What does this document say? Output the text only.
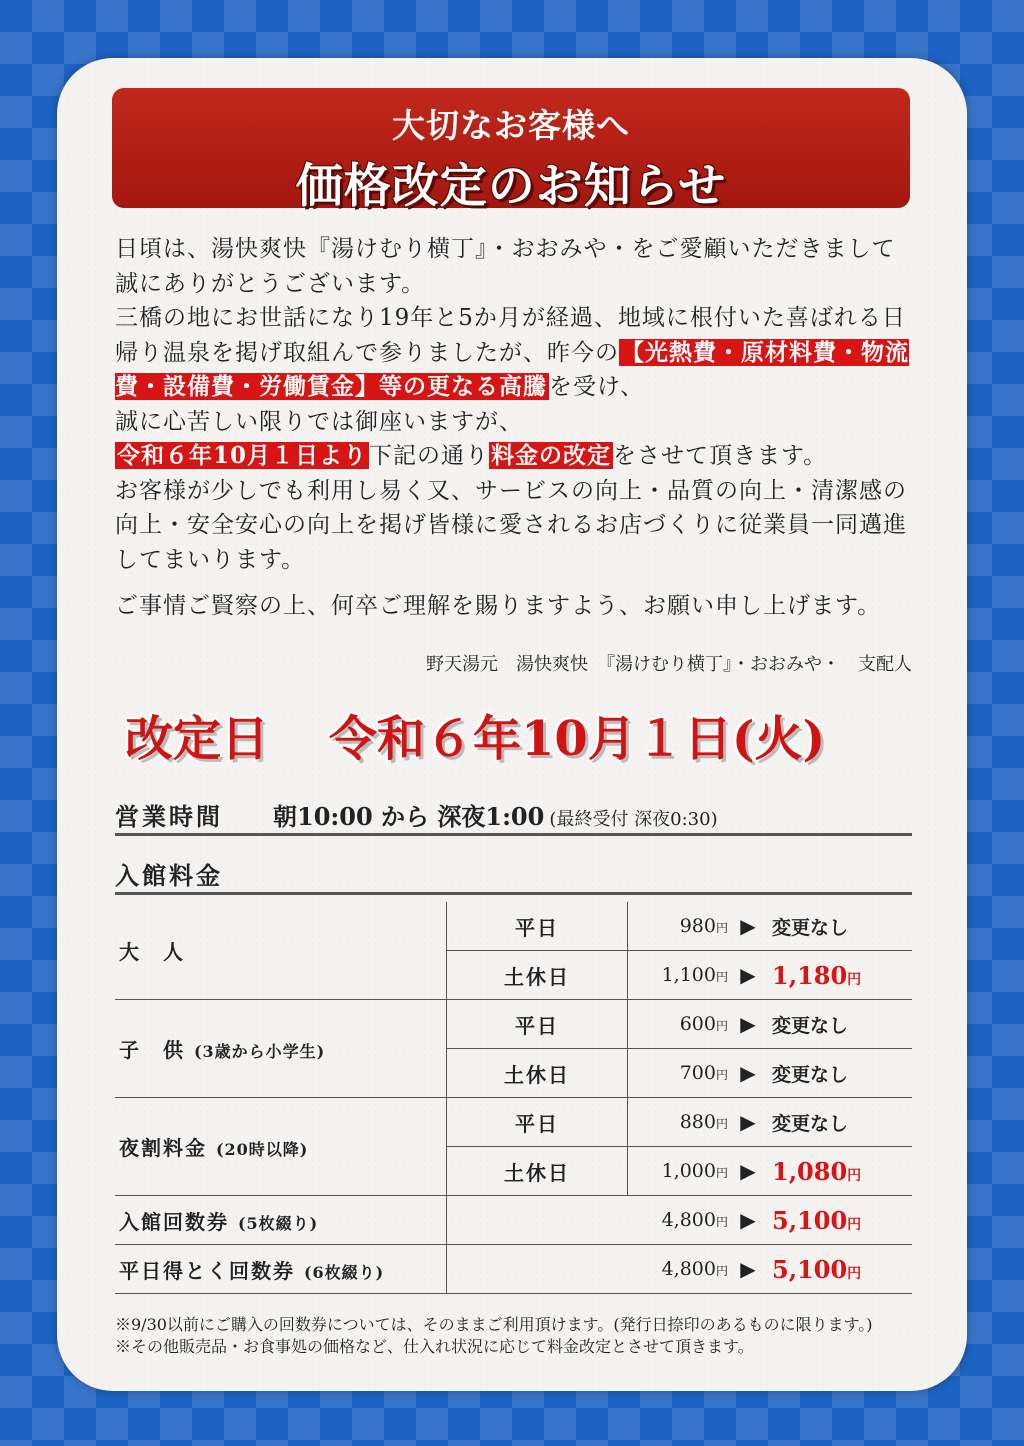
大切なお客様へ
価格改定のお知らせ
日頃は、湯快爽快『湯けむり横丁』・おおみや・をご愛顧いただきまして誠にありがとうございます。
三橋の地にお世話になり19年と5か月が経過、地域に根付いた喜ばれる日帰り温泉を掲げ取組んで参りましたが、昨今の【光熱費・原材料費・物流費・設備費・労働賃金】等の更なる高騰を受け、
誠に心苦しい限りでは御座いますが、
令和６年10月１日より下記の通り料金の改定をさせて頂きます。
お客様が少しでも利用し易く又、サービスの向上・品質の向上・清潔感の向上・安全安心の向上を掲げ皆様に愛されるお店づくりに従業員一同邁進してまいります。
ご事情ご賢察の上、何卒ご理解を賜りますよう、お願い申し上げます。
野天湯元　湯快爽快　『湯けむり横丁』・おおみや・　支配人
改定日 令和６年10月１日(火)
営業時間 朝10:00 から 深夜1:00 (最終受付 深夜0:30)
入館料金
大　人	平日	980円	▶	変更なし
	土休日	1,100円	▶	1,180円
子　供 (3歳から小学生)	平日	600円	▶	変更なし
	土休日	700円	▶	変更なし
夜割料金 (20時以降)	平日	880円	▶	変更なし
	土休日	1,000円	▶	1,080円
入館回数券 (5枚綴り)		4,800円	▶	5,100円
平日得とく回数券 (6枚綴り)		4,800円	▶	5,100円
※9/30以前にご購入の回数券については、そのままご利用頂けます。(発行日捺印のあるものに限ります。)
※その他販売品・お食事処の価格など、仕入れ状況に応じて料金改定とさせて頂きます。
